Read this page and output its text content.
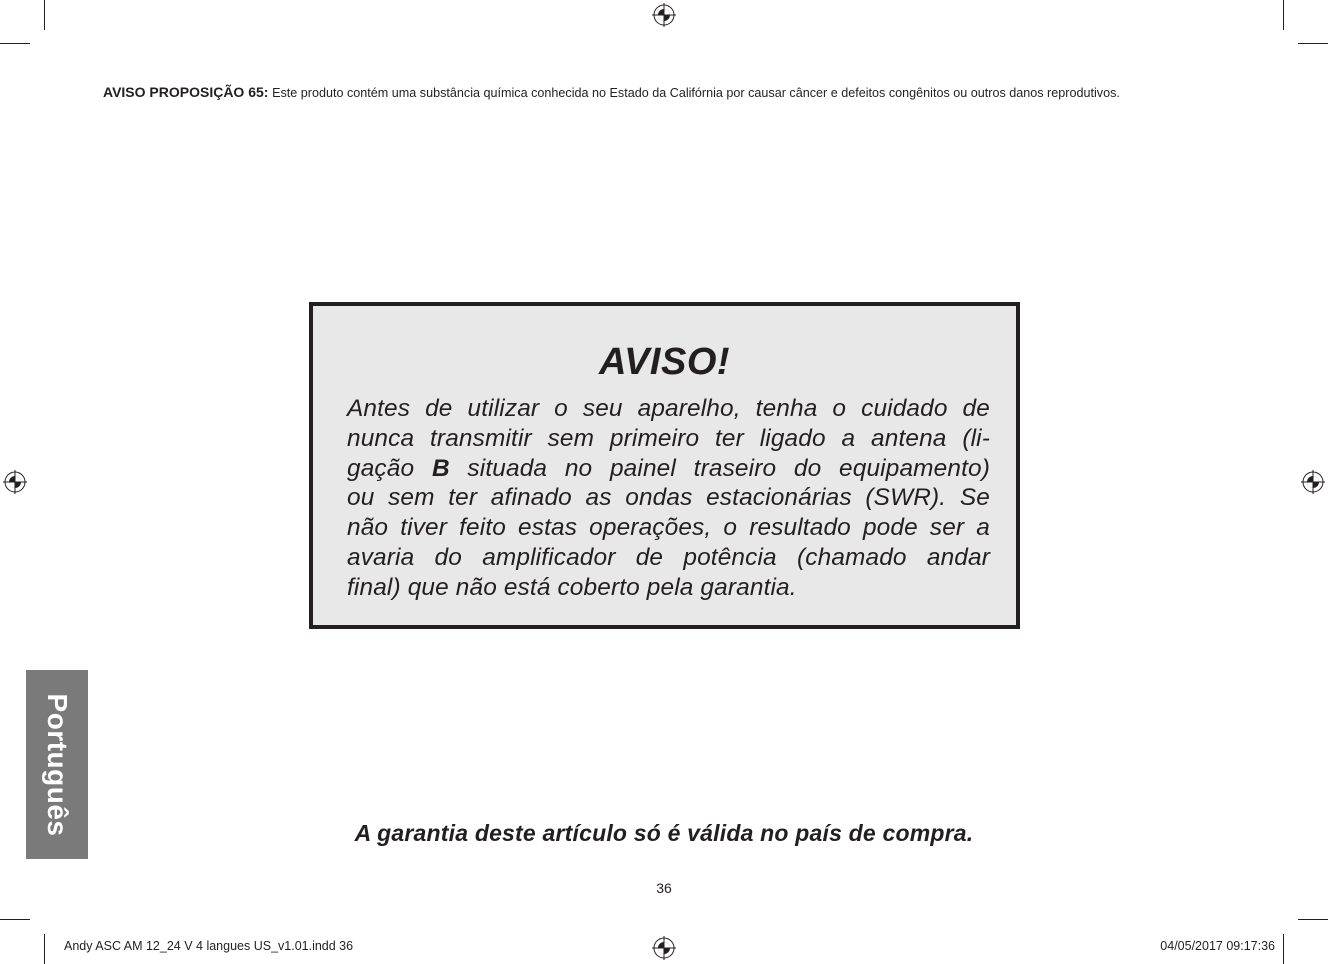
AVISO PROPOSIÇÃO 65: Este produto contém uma substância química conhecida no Estado da Califórnia por causar câncer e defeitos congênitos ou outros danos reprodutivos.
AVISO!
Antes de utilizar o seu aparelho, tenha o cuidado de
nunca transmitir sem primeiro ter ligado a antena (li-
gação B situada no painel traseiro do equipamento)
ou sem ter afinado as ondas estacionárias (SWR). Se
não tiver feito estas operações, o resultado pode ser a
avaria do amplificador de potência (chamado andar
final) que não está coberto pela garantia.
Português	A garantia deste artículo só é válida no país de compra.
36
Andy ASC AM 12_24 V 4 langues US_v1.01.indd 36	04/05/2017 09:17:36
